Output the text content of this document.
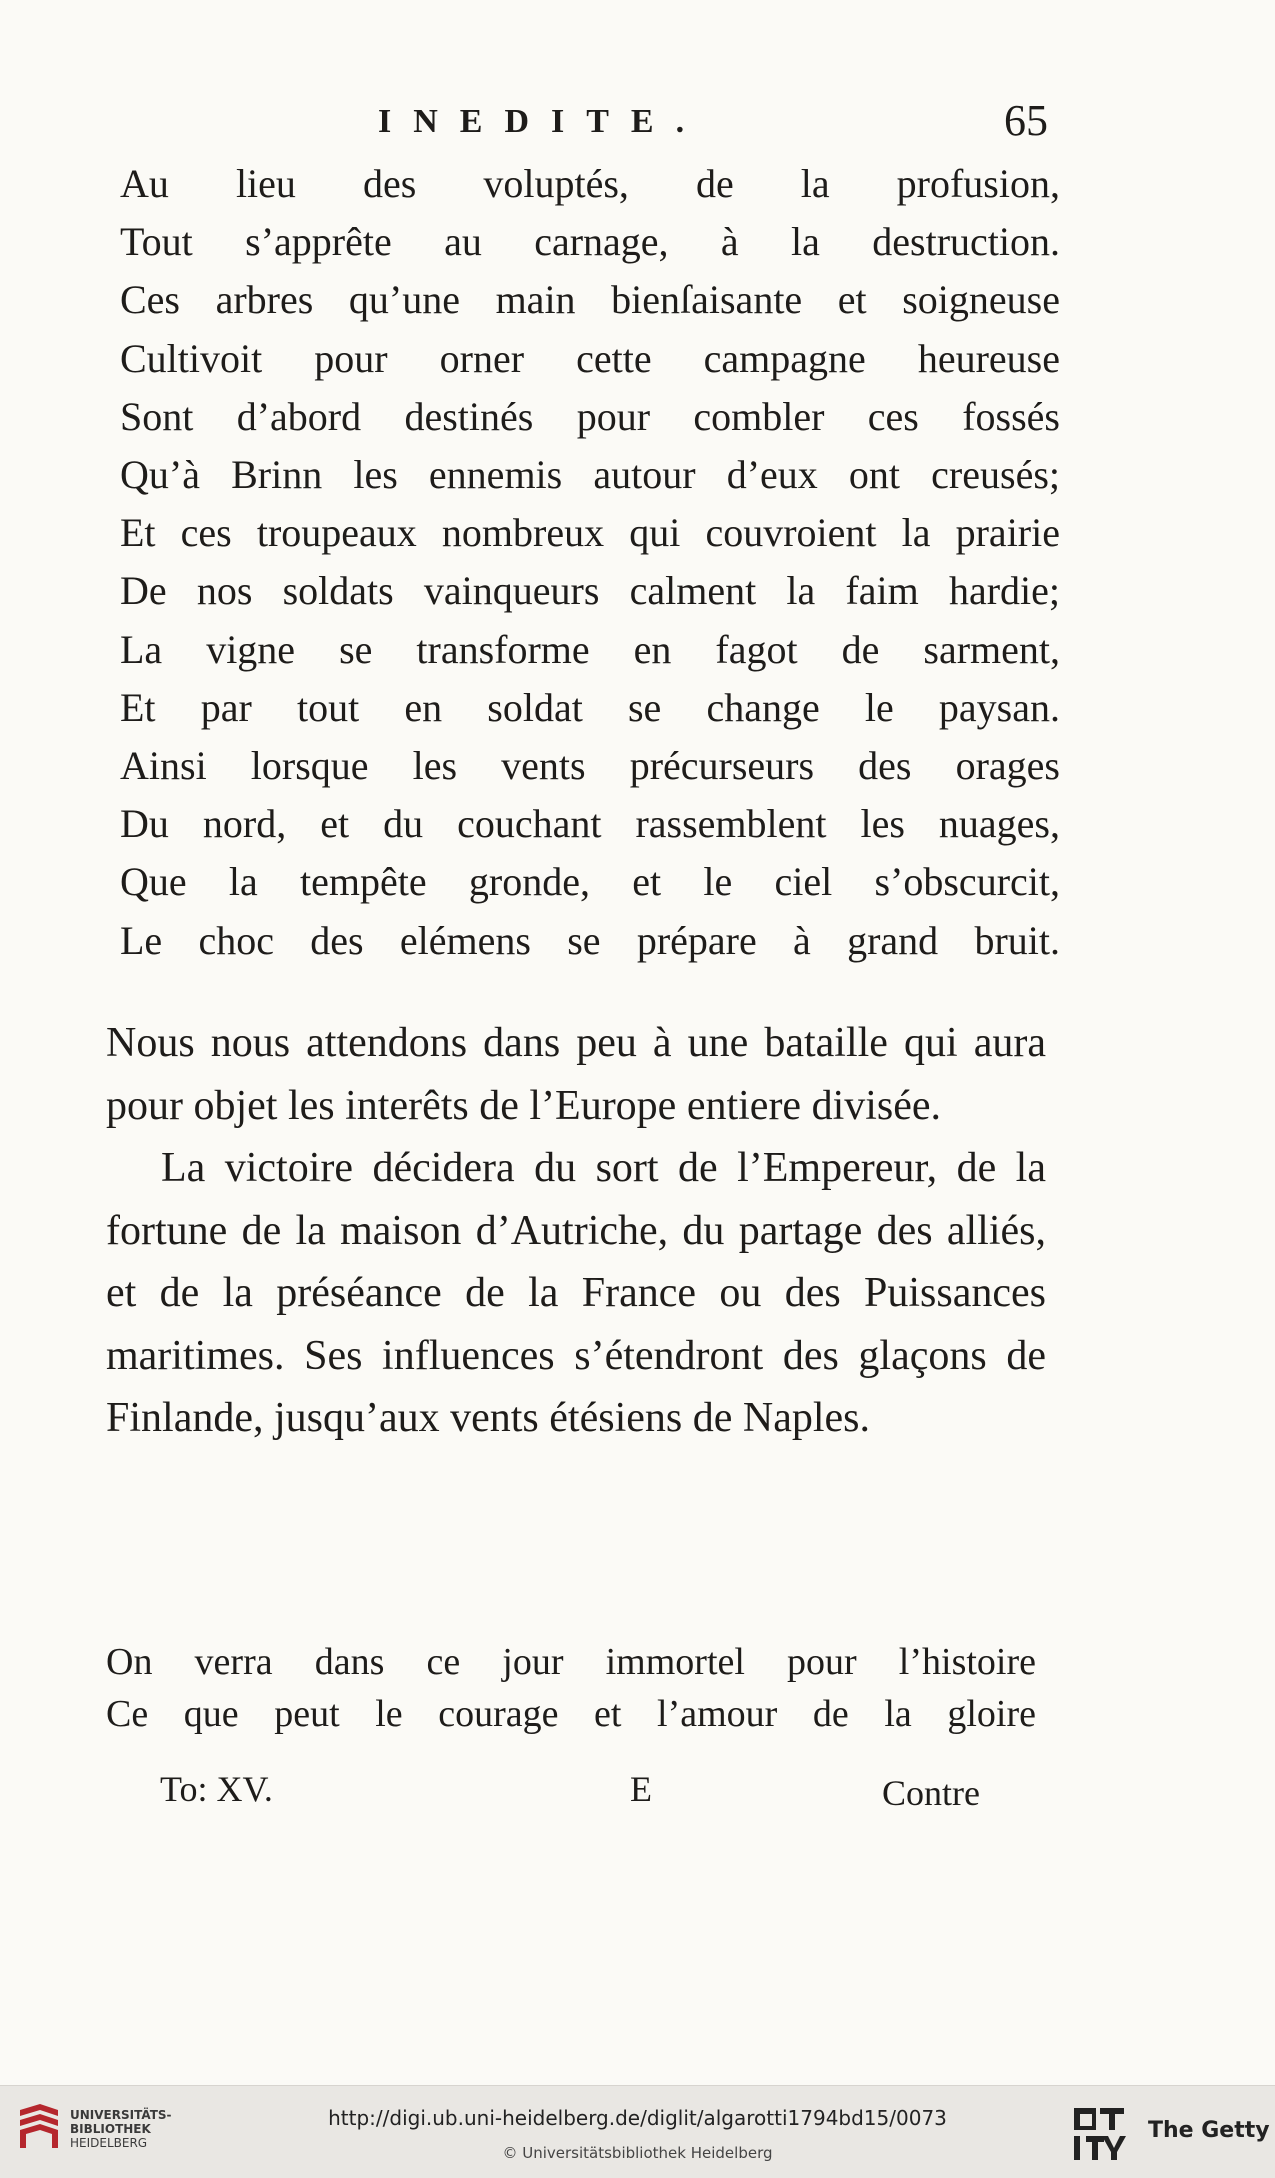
INEDITE.	65
Au lieu des voluptés, de la profusion,
Tout s’apprête au carnage, à la destruction.
Ces arbres qu’une main bienſaisante et soigneuse
Cultivoit pour orner cette campagne heureuse
Sont d’abord destinés pour combler ces fossés
Qu’à Brinn les ennemis autour d’eux ont creusés;
Et ces troupeaux nombreux qui couvroient la prairie
De nos soldats vainqueurs calment la faim hardie;
La vigne se transforme en fagot de sarment,
Et par tout en soldat se change le paysan.
Ainsi lorsque les vents précurseurs des orages
Du nord, et du couchant rassemblent les nuages,
Que la tempête gronde, et le ciel s’obscurcit,
Le choc des elémens se prépare à grand bruit.

Nous nous attendons dans peu à une bataille qui aura pour objet les interêts de l’Europe entiere divisée.

La victoire décidera du sort de l’Empereur, de la fortune de la maison d’Autriche, du partage des alliés, et de la préséance de la France ou des Puissances maritimes. Ses influences s’étendront des glaçons de Finlande, jusqu’aux vents étésiens de Naples.

On verra dans ce jour immortel pour l’histoire
Ce que peut le courage et l’amour de la gloire
To: XV.	E	Contre
UNIVERSITÄTS-
BIBLIOTHEK
HEIDELBERG
http://digi.ub.uni-heidelberg.de/diglit/algarotti1794bd15/0073
© Universitätsbibliothek Heidelberg
The Getty
